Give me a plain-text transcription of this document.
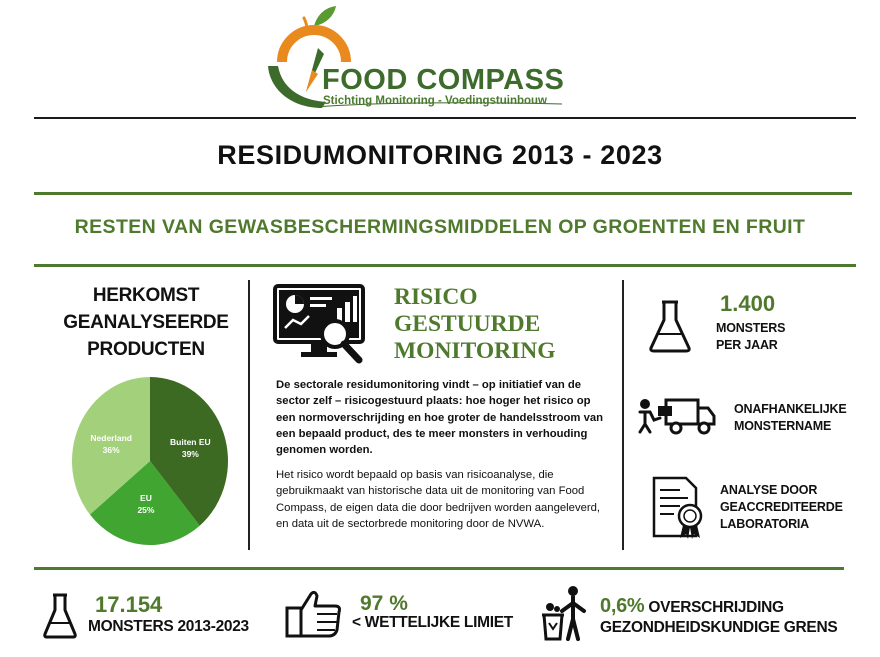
FOOD COMPASS
Stichting Monitoring - Voedingstuinbouw
RESIDUMONITORING 2013 - 2023
RESTEN VAN GEWASBESCHERMINGSMIDDELEN OP GROENTEN EN FRUIT
HERKOMST
GEANALYSEERDE
PRODUCTEN
Buiten EU
39%
EU
25%
Nederland
36%
RISICO
GESTUURDE
MONITORING
De sectorale residumonitoring vindt – op initiatief van de sector zelf – risicogestuurd plaats: hoe hoger het risico op een normoverschrijding en hoe groter de handelsstroom van een bepaald product, des te meer monsters in verhouding genomen worden.
Het risico wordt bepaald op basis van risicoanalyse, die gebruikmaakt van historische data uit de monitoring van Food Compass, de eigen data die door bedrijven worden aangeleverd, en data uit de sectorbrede monitoring door de NVWA.
1.400
MONSTERS
PER JAAR
ONAFHANKELIJKE
MONSTERNAME
ANALYSE DOOR
GEACCREDITEERDE
LABORATORIA
17.154
MONSTERS 2013-2023
97 %
< WETTELIJKE LIMIET
0,6% OVERSCHRIJDING
GEZONDHEIDSKUNDIGE GRENS
